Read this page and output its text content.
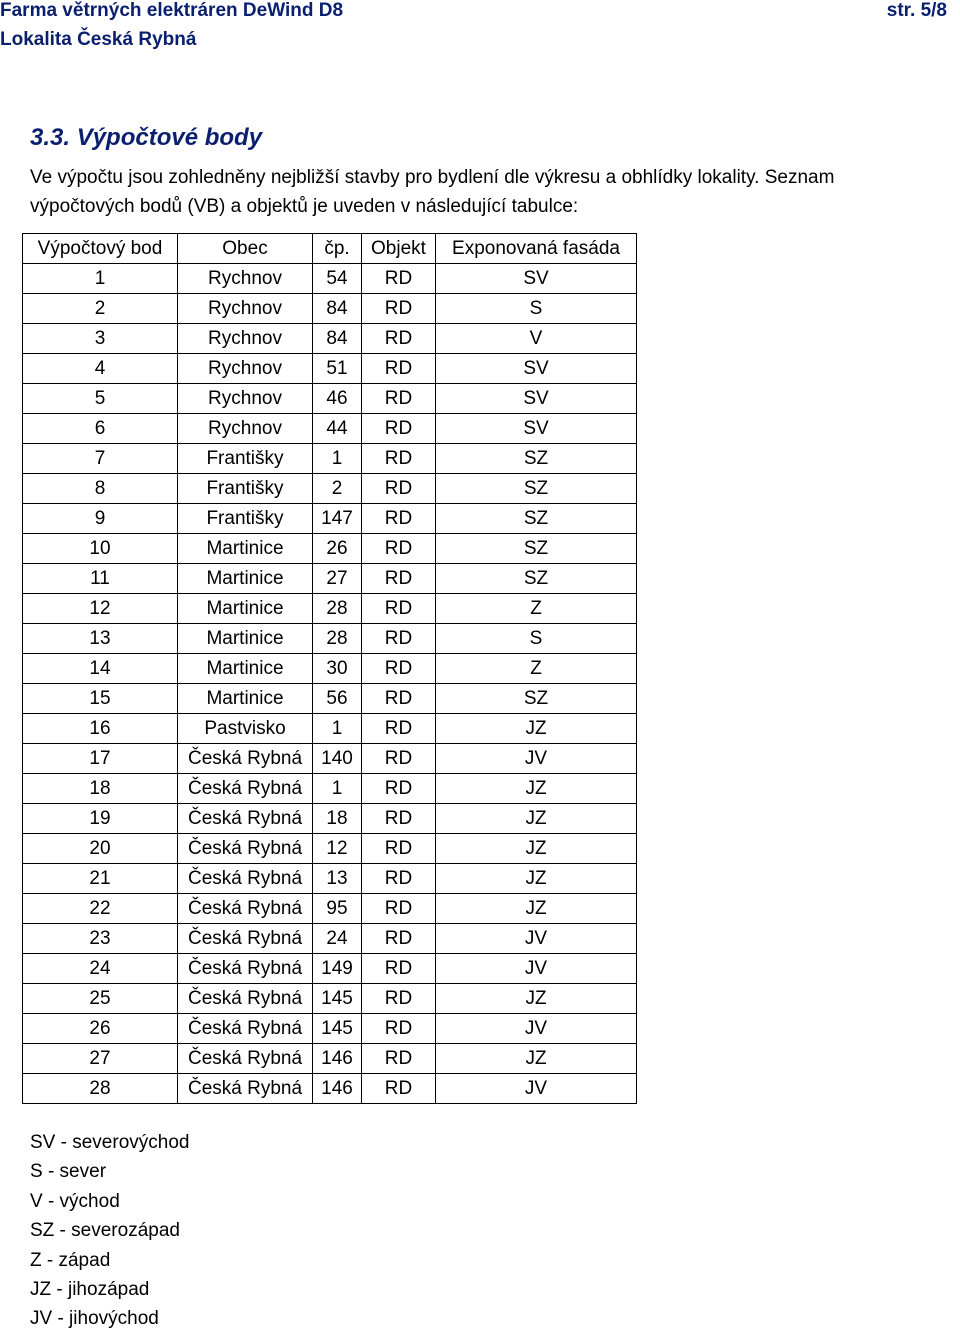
Farma větrných elektráren DeWind D8
Lokalita Česká Rybná
str. 5/8
3.3. Výpočtové body
Ve výpočtu jsou zohledněny nejbližší stavby pro bydlení dle výkresu a obhlídky lokality. Seznam
výpočtových bodů (VB) a objektů je uveden v následující tabulce:
Výpočtový bod	Obec	čp.	Objekt	Exponovaná fasáda
1	Rychnov	54	RD	SV
2	Rychnov	84	RD	S
3	Rychnov	84	RD	V
4	Rychnov	51	RD	SV
5	Rychnov	46	RD	SV
6	Rychnov	44	RD	SV
7	Františky	1	RD	SZ
8	Františky	2	RD	SZ
9	Františky	147	RD	SZ
10	Martinice	26	RD	SZ
11	Martinice	27	RD	SZ
12	Martinice	28	RD	Z
13	Martinice	28	RD	S
14	Martinice	30	RD	Z
15	Martinice	56	RD	SZ
16	Pastvisko	1	RD	JZ
17	Česká Rybná	140	RD	JV
18	Česká Rybná	1	RD	JZ
19	Česká Rybná	18	RD	JZ
20	Česká Rybná	12	RD	JZ
21	Česká Rybná	13	RD	JZ
22	Česká Rybná	95	RD	JZ
23	Česká Rybná	24	RD	JV
24	Česká Rybná	149	RD	JV
25	Česká Rybná	145	RD	JZ
26	Česká Rybná	145	RD	JV
27	Česká Rybná	146	RD	JZ
28	Česká Rybná	146	RD	JV
SV - severovýchod
S - sever
V - východ
SZ - severozápad
Z - západ
JZ - jihozápad
JV - jihovýchod
